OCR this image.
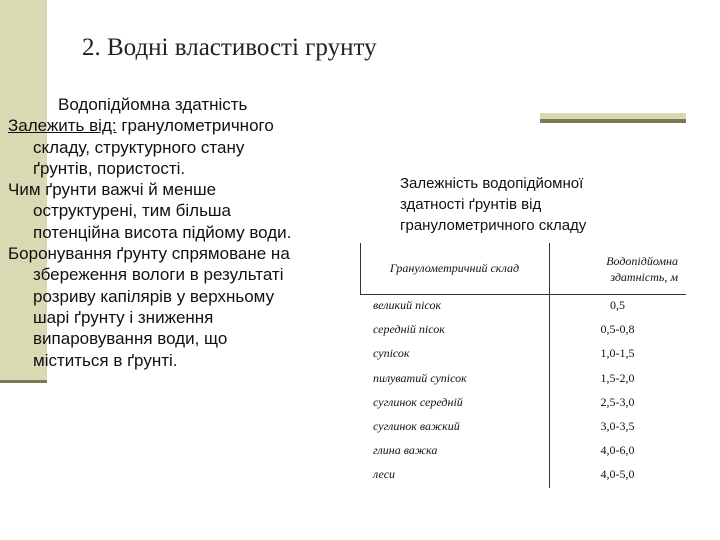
2. Водні властивості грунту
Водопідйомна здатність
Залежить від: гранулометричного
складу, структурного стану
ґрунтів, пористості.
Чим ґрунти важчі й менше
оструктурені, тим більша
потенційна висота підйому води.
Боронування ґрунту спрямоване на
збереження вологи в результаті
розриву капілярів у верхньому
шарі ґрунту і зниження
випаровування води, що
міститься в ґрунті.
Залежність водопідйомної
здатності ґрунтів від
гранулометричного складу
Гранулометричний склад	Водопідйомна
здатність, м
великий пісок	0,5
середній пісок	0,5-0,8
супісок	1,0-1,5
пилуватий супісок	1,5-2,0
суглинок середній	2,5-3,0
суглинок важкий	3,0-3,5
глина важка	4,0-6,0
леси	4,0-5,0
